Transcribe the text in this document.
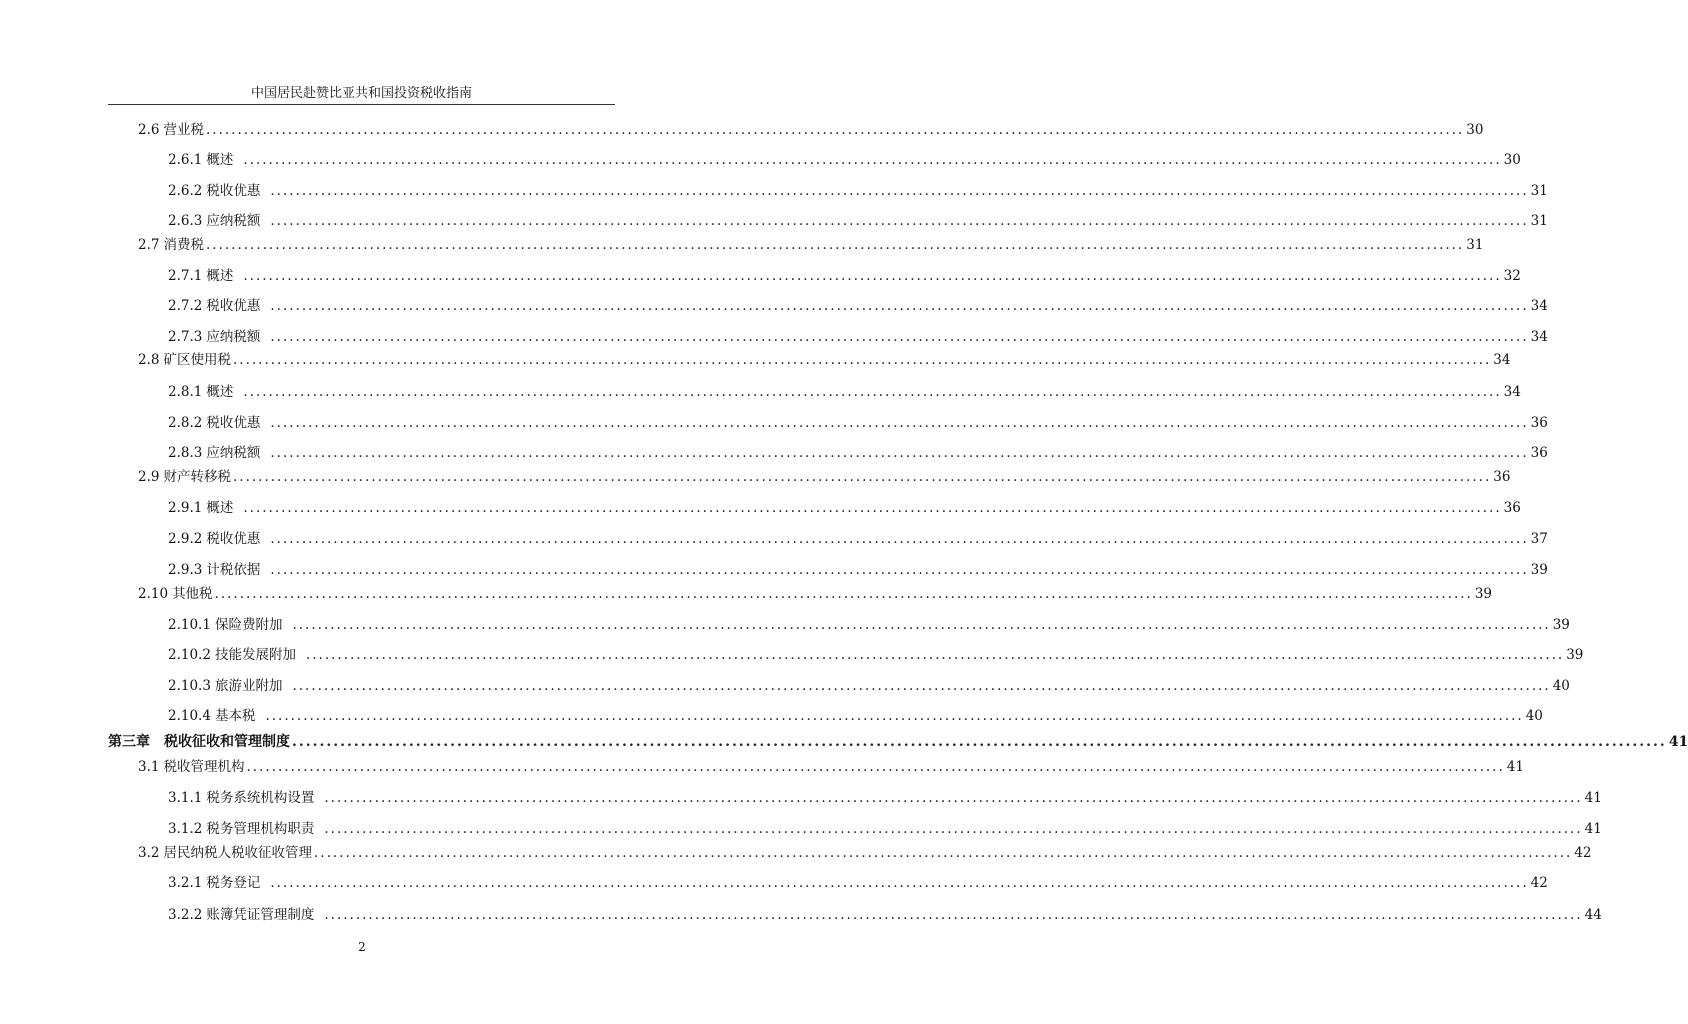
中国居民赴赞比亚共和国投资税收指南
2.6 营业税 ........................................................................................................................................................................................................ 30
2.6.1 概述 ........................................................................................................................................................................................................ 30
2.6.2 税收优惠 ........................................................................................................................................................................................................ 31
2.6.3 应纳税额 ........................................................................................................................................................................................................ 31
2.7 消费税 ........................................................................................................................................................................................................ 31
2.7.1 概述 ........................................................................................................................................................................................................ 32
2.7.2 税收优惠 ........................................................................................................................................................................................................ 34
2.7.3 应纳税额 ........................................................................................................................................................................................................ 34
2.8 矿区使用税 ........................................................................................................................................................................................................ 34
2.8.1 概述 ........................................................................................................................................................................................................ 34
2.8.2 税收优惠 ........................................................................................................................................................................................................ 36
2.8.3 应纳税额 ........................................................................................................................................................................................................ 36
2.9 财产转移税 ........................................................................................................................................................................................................ 36
2.9.1 概述 ........................................................................................................................................................................................................ 36
2.9.2 税收优惠 ........................................................................................................................................................................................................ 37
2.9.3 计税依据 ........................................................................................................................................................................................................ 39
2.10 其他税 ........................................................................................................................................................................................................ 39
2.10.1 保险费附加 ........................................................................................................................................................................................................ 39
2.10.2 技能发展附加 ........................................................................................................................................................................................................ 39
2.10.3 旅游业附加 ........................................................................................................................................................................................................ 40
2.10.4 基本税 ........................................................................................................................................................................................................ 40
第三章 税收征收和管理制度 ........................................................................................................................................................................................................ 41
3.1 税收管理机构 ........................................................................................................................................................................................................ 41
3.1.1 税务系统机构设置 ........................................................................................................................................................................................................ 41
3.1.2 税务管理机构职责 ........................................................................................................................................................................................................ 41
3.2 居民纳税人税收征收管理 ........................................................................................................................................................................................................ 42
3.2.1 税务登记 ........................................................................................................................................................................................................ 42
3.2.2 账簿凭证管理制度 ........................................................................................................................................................................................................ 44
2
